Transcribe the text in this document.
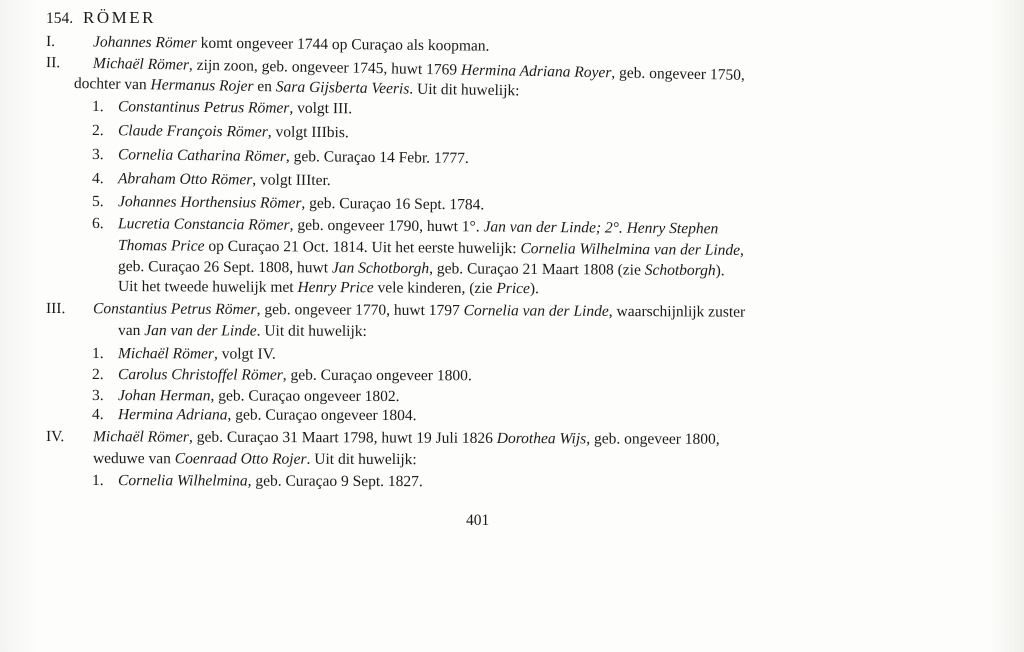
154. RÖMER
I. Johannes Römer komt ongeveer 1744 op Curaçao als koopman.
II. Michaël Römer, zijn zoon, geb. ongeveer 1745, huwt 1769 Hermina Adriana Royer, geb. ongeveer 1750,
dochter van Hermanus Rojer en Sara Gijsberta Veeris. Uit dit huwelijk:
1. Constantinus Petrus Römer, volgt III.
2. Claude François Römer, volgt IIIbis.
3. Cornelia Catharina Römer, geb. Curaçao 14 Febr. 1777.
4. Abraham Otto Römer, volgt IIIter.
5. Johannes Horthensius Römer, geb. Curaçao 16 Sept. 1784.
6. Lucretia Constancia Römer, geb. ongeveer 1790, huwt 1°. Jan van der Linde; 2°. Henry Stephen
Thomas Price op Curaçao 21 Oct. 1814. Uit het eerste huwelijk: Cornelia Wilhelmina van der Linde,
geb. Curaçao 26 Sept. 1808, huwt Jan Schotborgh, geb. Curaçao 21 Maart 1808 (zie Schotborgh).
Uit het tweede huwelijk met Henry Price vele kinderen, (zie Price).
III. Constantius Petrus Römer, geb. ongeveer 1770, huwt 1797 Cornelia van der Linde, waarschijnlijk zuster
van Jan van der Linde. Uit dit huwelijk:
1. Michaël Römer, volgt IV.
2. Carolus Christoffel Römer, geb. Curaçao ongeveer 1800.
3. Johan Herman, geb. Curaçao ongeveer 1802.
4. Hermina Adriana, geb. Curaçao ongeveer 1804.
IV. Michaël Römer, geb. Curaçao 31 Maart 1798, huwt 19 Juli 1826 Dorothea Wijs, geb. ongeveer 1800,
weduwe van Coenraad Otto Rojer. Uit dit huwelijk:
1. Cornelia Wilhelmina, geb. Curaçao 9 Sept. 1827.
401
